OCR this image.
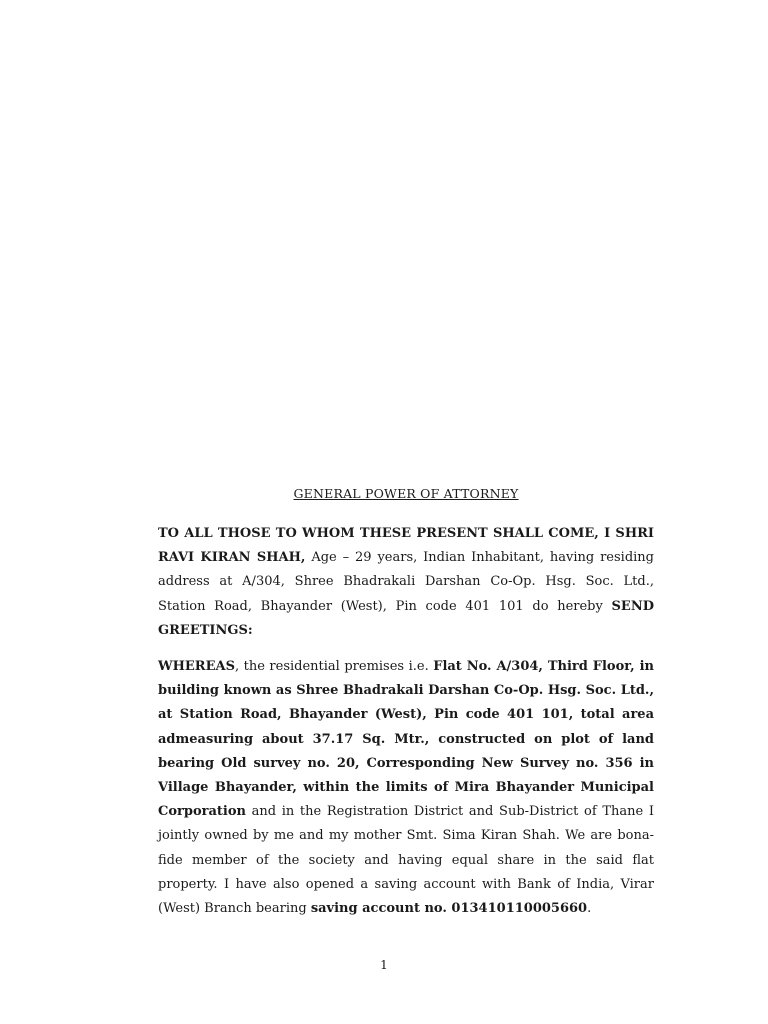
GENERAL POWER OF ATTORNEY

TO ALL THOSE TO WHOM THESE PRESENT SHALL COME, I SHRI RAVI KIRAN SHAH, Age – 29 years, Indian Inhabitant, having residing address at A/304, Shree Bhadrakali Darshan Co-Op. Hsg. Soc. Ltd., Station Road, Bhayander (West), Pin code 401 101 do hereby SEND GREETINGS:

WHEREAS, the residential premises i.e. Flat No. A/304, Third Floor, in building known as Shree Bhadrakali Darshan Co-Op. Hsg. Soc. Ltd., at Station Road, Bhayander (West), Pin code 401 101, total area admeasuring about 37.17 Sq. Mtr., constructed on plot of land bearing Old survey no. 20, Corresponding New Survey no. 356 in Village Bhayander, within the limits of Mira Bhayander Municipal Corporation and in the Registration District and Sub-District of Thane I jointly owned by me and my mother Smt. Sima Kiran Shah. We are bona-fide member of the society and having equal share in the said flat property. I have also opened a saving account with Bank of India, Virar (West) Branch bearing saving account no. 013410110005660.

1
